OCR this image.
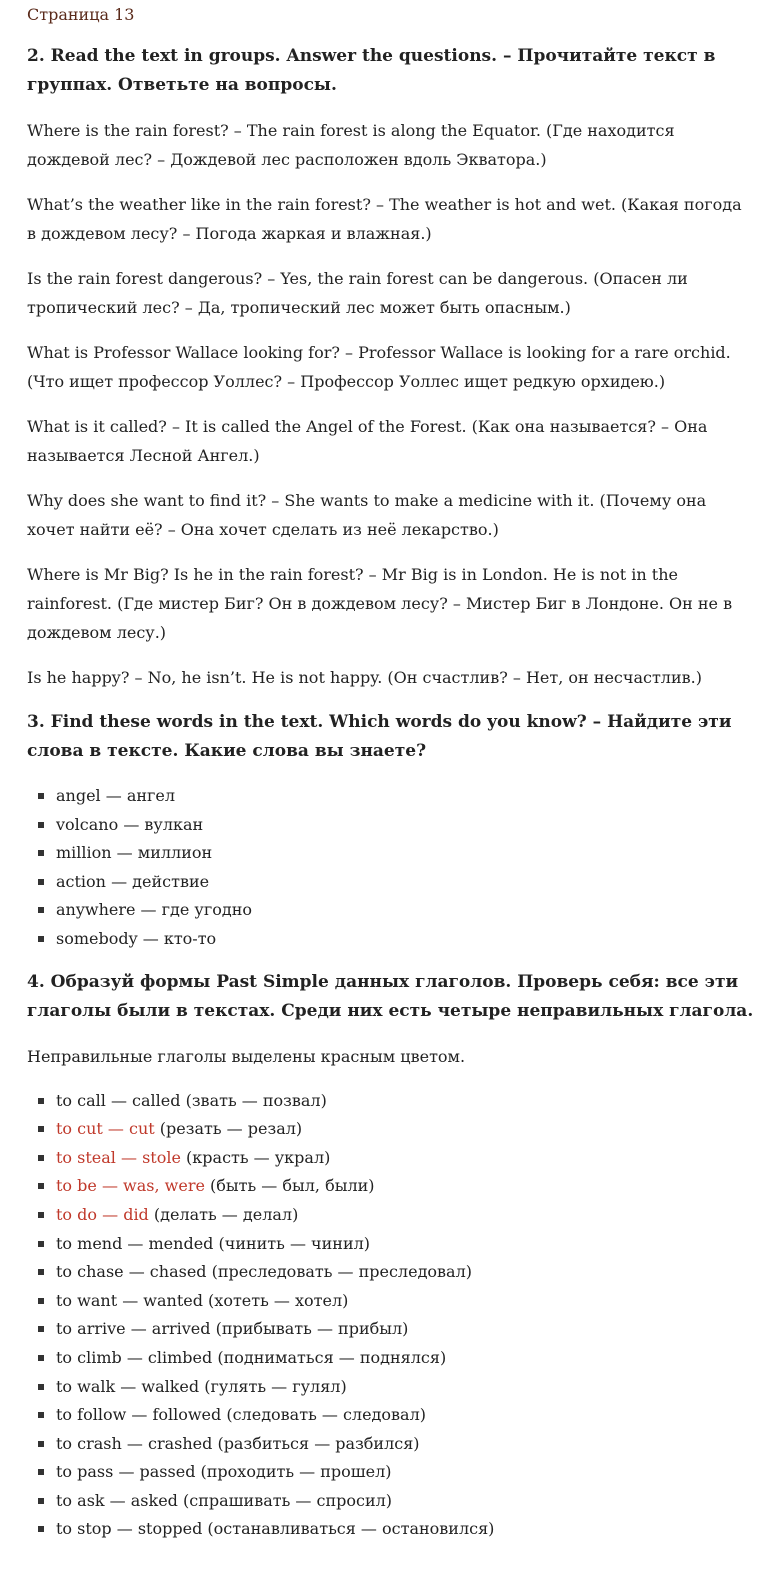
Страница 13

2. Read the text in groups. Answer the questions. – Прочитайте текст в группах. Ответьте на вопросы.

Where is the rain forest? – The rain forest is along the Equator. (Где находится дождевой лес? – Дождевой лес расположен вдоль Экватора.)

What’s the weather like in the rain forest? – The weather is hot and wet. (Какая погода в дождевом лесу? – Погода жаркая и влажная.)

Is the rain forest dangerous? – Yes, the rain forest can be dangerous. (Опасен ли тропический лес? – Да, тропический лес может быть опасным.)

What is Professor Wallace looking for? – Professor Wallace is looking for a rare orchid. (Что ищет профессор Уоллес? – Профессор Уоллес ищет редкую орхидею.)

What is it called? – It is called the Angel of the Forest. (Как она называется? – Она называется Лесной Ангел.)

Why does she want to find it? – She wants to make a medicine with it. (Почему она хочет найти её? – Она хочет сделать из неё лекарство.)

Where is Mr Big? Is he in the rain forest? – Mr Big is in London. He is not in the rainforest. (Где мистер Биг? Он в дождевом лесу? – Мистер Биг в Лондоне. Он не в дождевом лесу.)

Is he happy? – No, he isn’t. He is not happy. (Он счастлив? – Нет, он несчастлив.)

3. Find these words in the text. Which words do you know? – Найдите эти слова в тексте. Какие слова вы знаете?

angel — ангел
volcano — вулкан
million — миллион
action — действие
anywhere — где угодно
somebody — кто-то

4. Образуй формы Past Simple данных глаголов. Проверь себя: все эти глаголы были в текстах. Среди них есть четыре неправильных глагола.

Неправильные глаголы выделены красным цветом.

to call — called (звать — позвал)
to cut — cut (резать — резал)
to steal — stole (красть — украл)
to be — was, were (быть — был, были)
to do — did (делать — делал)
to mend — mended (чинить — чинил)
to chase — chased (преследовать — преследовал)
to want — wanted (хотеть — хотел)
to arrive — arrived (прибывать — прибыл)
to climb — climbed (подниматься — поднялся)
to walk — walked (гулять — гулял)
to follow — followed (следовать — следовал)
to crash — crashed (разбиться — разбился)
to pass — passed (проходить — прошел)
to ask — asked (спрашивать — спросил)
to stop — stopped (останавливаться — остановился)
